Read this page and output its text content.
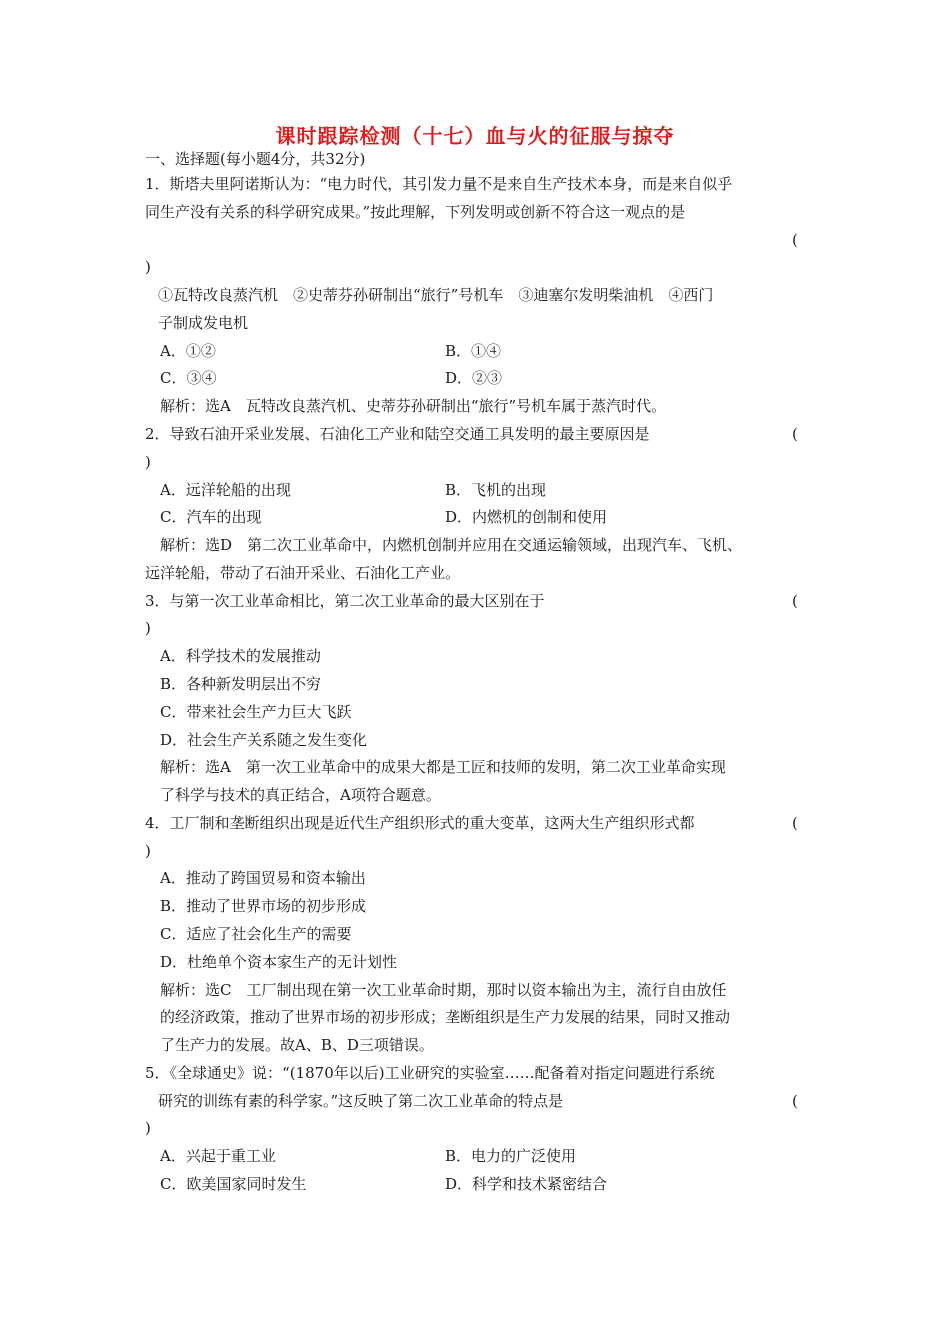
课时跟踪检测（十七）血与火的征服与掠夺
一、选择题(每小题4分，共32分)
1．斯塔夫里阿诺斯认为：“电力时代，其引发力量不是来自生产技术本身，而是来自似乎
同生产没有关系的科学研究成果。”按此理解，下列发明或创新不符合这一观点的是
(
)
①瓦特改良蒸汽机　②史蒂芬孙研制出“旅行”号机车　③迪塞尔发明柴油机　④西门
子制成发电机
A．①②	B．①④
C．③④	D．②③
解析：选A　瓦特改良蒸汽机、史蒂芬孙研制出“旅行”号机车属于蒸汽时代。
2．导致石油开采业发展、石油化工产业和陆空交通工具发明的最主要原因是	(
)
A．远洋轮船的出现	B．飞机的出现
C．汽车的出现	D．内燃机的创制和使用
解析：选D　第二次工业革命中，内燃机创制并应用在交通运输领域，出现汽车、飞机、
远洋轮船，带动了石油开采业、石油化工产业。
3．与第一次工业革命相比，第二次工业革命的最大区别在于	(
)
A．科学技术的发展推动
B．各种新发明层出不穷
C．带来社会生产力巨大飞跃
D．社会生产关系随之发生变化
解析：选A　第一次工业革命中的成果大都是工匠和技师的发明，第二次工业革命实现
了科学与技术的真正结合，A项符合题意。
4．工厂制和垄断组织出现是近代生产组织形式的重大变革，这两大生产组织形式都	(
)
A．推动了跨国贸易和资本输出
B．推动了世界市场的初步形成
C．适应了社会化生产的需要
D．杜绝单个资本家生产的无计划性
解析：选C　工厂制出现在第一次工业革命时期，那时以资本输出为主，流行自由放任
的经济政策，推动了世界市场的初步形成；垄断组织是生产力发展的结果，同时又推动
了生产力的发展。故A、B、D三项错误。
5．《全球通史》说：“(1870年以后)工业研究的实验室……配备着对指定问题进行系统
研究的训练有素的科学家。”这反映了第二次工业革命的特点是	(
)
A．兴起于重工业	B．电力的广泛使用
C．欧美国家同时发生	D．科学和技术紧密结合
